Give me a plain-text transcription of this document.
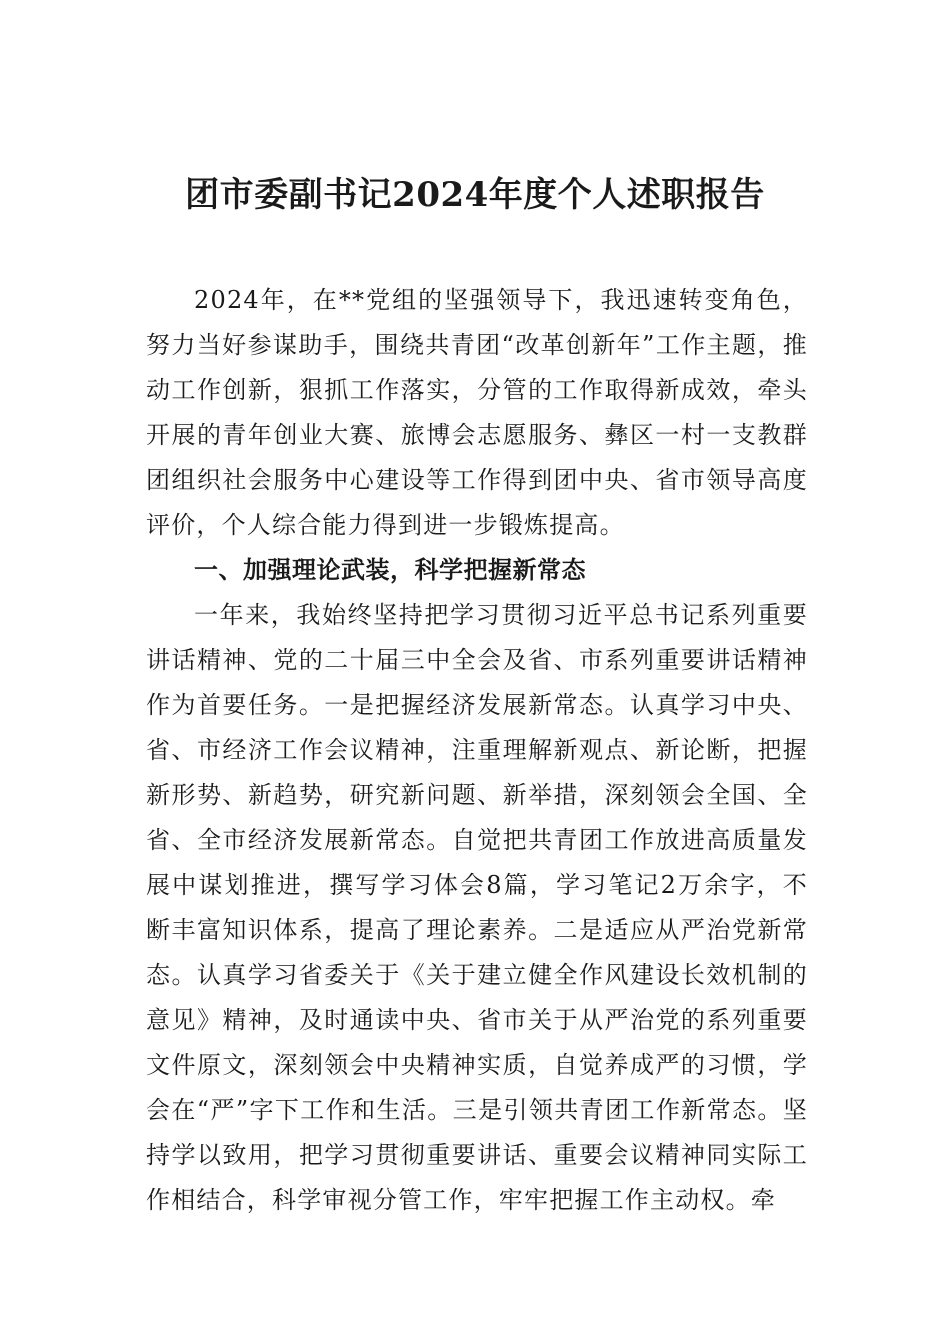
团市委副书记2024年度个人述职报告

2024年，在**党组的坚强领导下，我迅速转变角色，努力当好参谋助手，围绕共青团“改革创新年”工作主题，推动工作创新，狠抓工作落实，分管的工作取得新成效，牵头开展的青年创业大赛、旅博会志愿服务、彝区一村一支教群团组织社会服务中心建设等工作得到团中央、省市领导高度评价，个人综合能力得到进一步锻炼提高。

一、加强理论武装，科学把握新常态

一年来，我始终坚持把学习贯彻习近平总书记系列重要讲话精神、党的二十届三中全会及省、市系列重要讲话精神作为首要任务。一是把握经济发展新常态。认真学习中央、省、市经济工作会议精神，注重理解新观点、新论断，把握新形势、新趋势，研究新问题、新举措，深刻领会全国、全省、全市经济发展新常态。自觉把共青团工作放进高质量发展中谋划推进，撰写学习体会8篇，学习笔记2万余字，不断丰富知识体系，提高了理论素养。二是适应从严治党新常态。认真学习省委关于《关于建立健全作风建设长效机制的意见》精神，及时通读中央、省市关于从严治党的系列重要文件原文，深刻领会中央精神实质，自觉养成严的习惯，学会在“严”字下工作和生活。三是引领共青团工作新常态。坚持学以致用，把学习贯彻重要讲话、重要会议精神同实际工作相结合，科学审视分管工作，牢牢把握工作主动权。牵
